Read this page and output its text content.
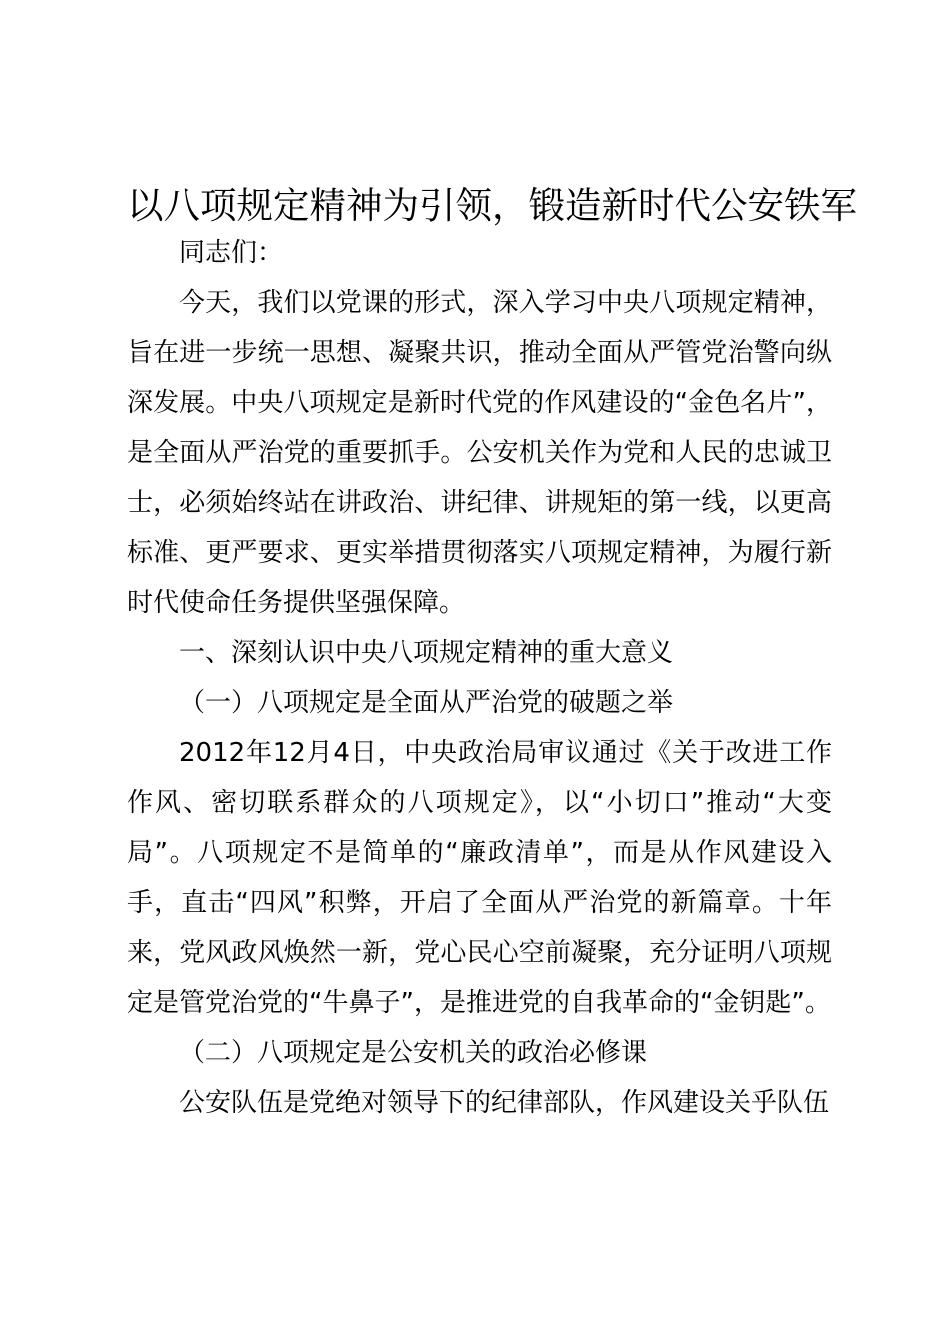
以八项规定精神为引领，锻造新时代公安铁军

同志们：

今天，我们以党课的形式，深入学习中央八项规定精神，旨在进一步统一思想、凝聚共识，推动全面从严管党治警向纵深发展。中央八项规定是新时代党的作风建设的“金色名片”，是全面从严治党的重要抓手。公安机关作为党和人民的忠诚卫士，必须始终站在讲政治、讲纪律、讲规矩的第一线，以更高标准、更严要求、更实举措贯彻落实八项规定精神，为履行新时代使命任务提供坚强保障。

一、深刻认识中央八项规定精神的重大意义

（一）八项规定是全面从严治党的破题之举

2012年12月4日，中央政治局审议通过《关于改进工作作风、密切联系群众的八项规定》，以“小切口”推动“大变局”。八项规定不是简单的“廉政清单”，而是从作风建设入手，直击“四风”积弊，开启了全面从严治党的新篇章。十年来，党风政风焕然一新，党心民心空前凝聚，充分证明八项规定是管党治党的“牛鼻子”，是推进党的自我革命的“金钥匙”。

（二）八项规定是公安机关的政治必修课

公安队伍是党绝对领导下的纪律部队，作风建设关乎队伍
